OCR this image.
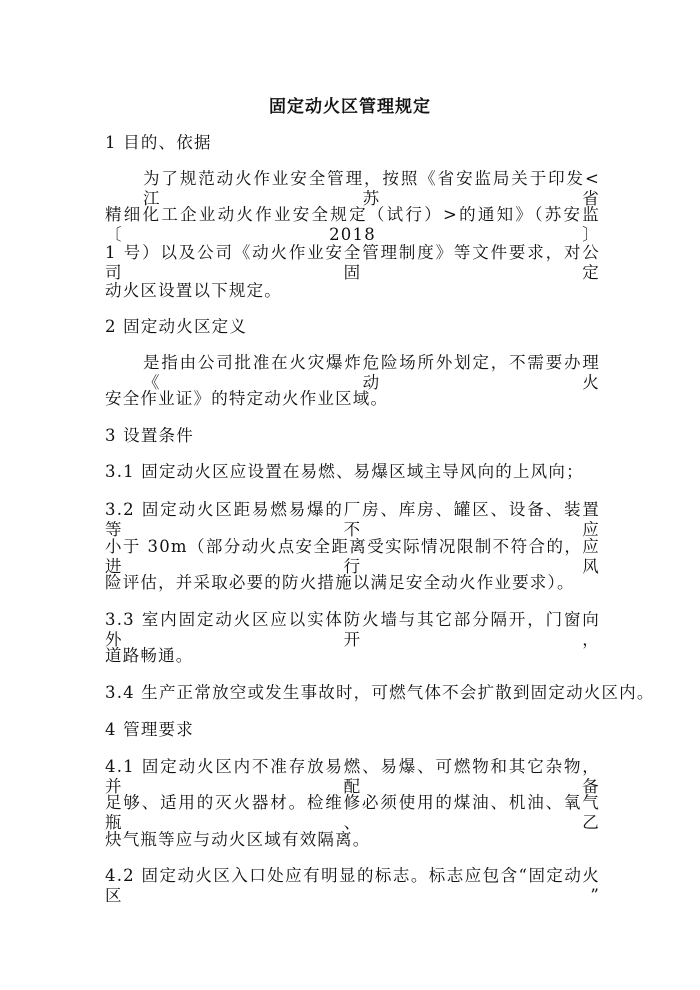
固定动火区管理规定
1 目的、依据
为了规范动火作业安全管理，按照《省安监局关于印发<江苏省
精细化工企业动火作业安全规定（试行）>的通知》（苏安监〔2018〕
1 号）以及公司《动火作业安全管理制度》等文件要求，对公司固定
动火区设置以下规定。
2 固定动火区定义
是指由公司批准在火灾爆炸危险场所外划定，不需要办理《动火
安全作业证》的特定动火作业区域。
3 设置条件
3.1 固定动火区应设置在易燃、易爆区域主导风向的上风向；
3.2 固定动火区距易燃易爆的厂房、库房、罐区、设备、装置等不应
小于 30m（部分动火点安全距离受实际情况限制不符合的，应进行风
险评估，并采取必要的防火措施以满足安全动火作业要求）。
3.3 室内固定动火区应以实体防火墙与其它部分隔开，门窗向外开，
道路畅通。
3.4 生产正常放空或发生事故时，可燃气体不会扩散到固定动火区内。
4 管理要求
4.1 固定动火区内不准存放易燃、易爆、可燃物和其它杂物，并配备
足够、适用的灭火器材。检维修必须使用的煤油、机油、氧气瓶、乙
炔气瓶等应与动火区域有效隔离。
4.2 固定动火区入口处应有明显的标志。标志应包含“固定动火区”
